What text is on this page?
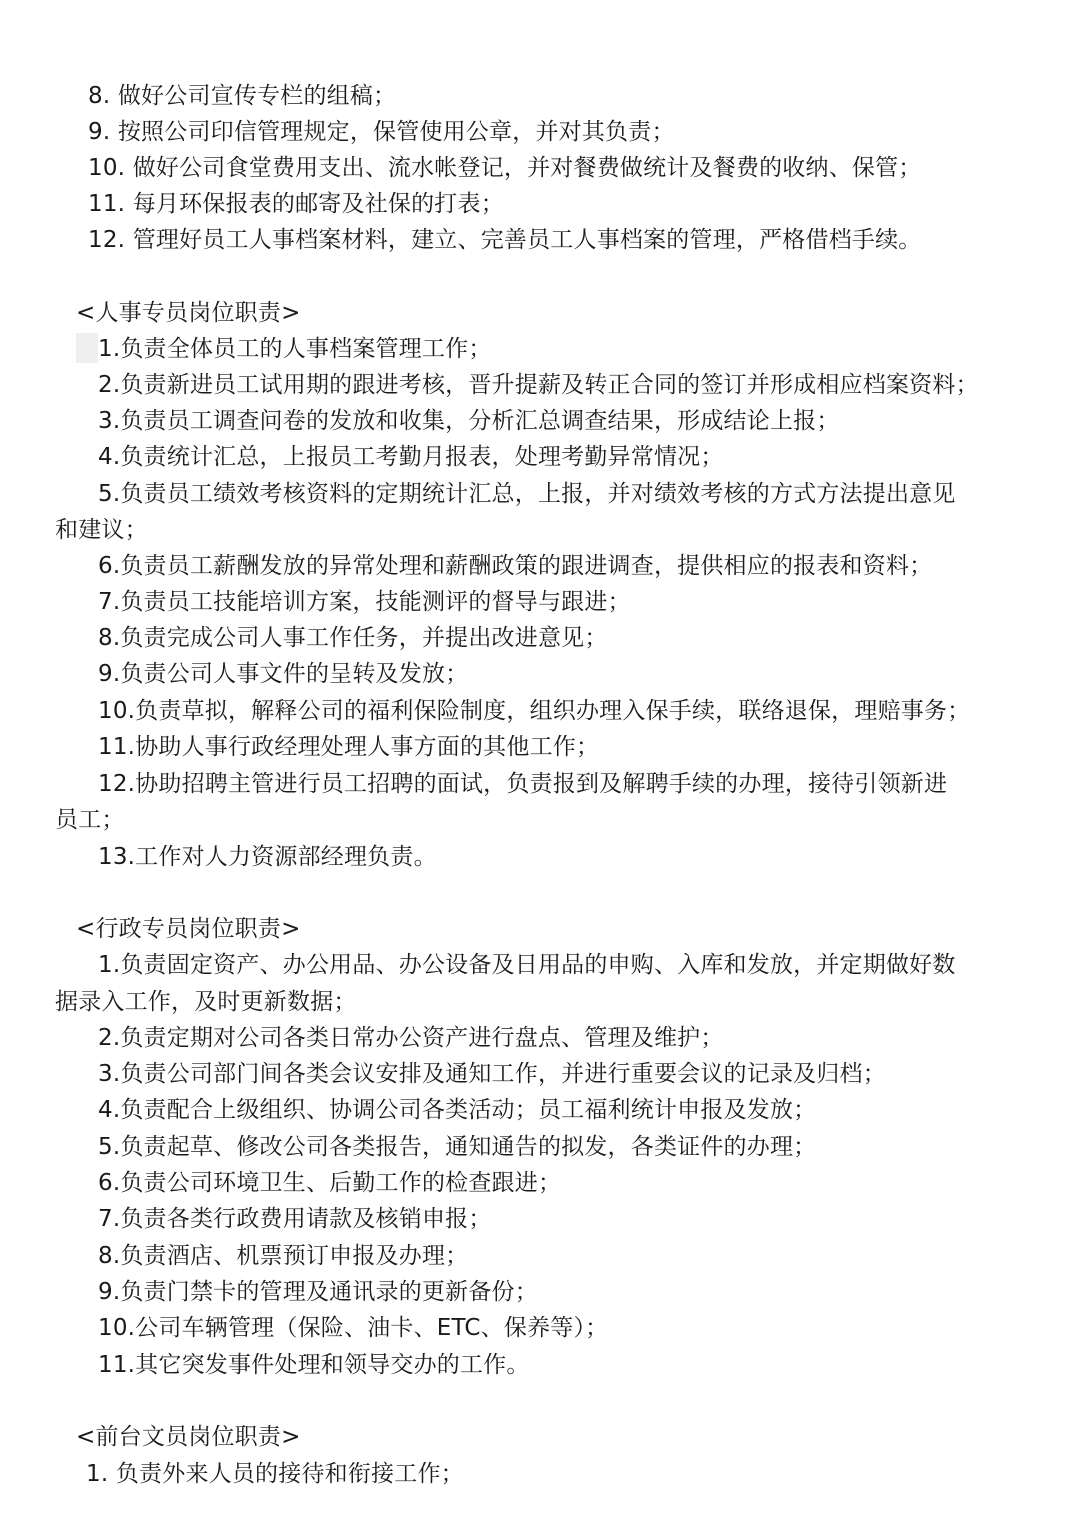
8. 做好公司宣传专栏的组稿；
9. 按照公司印信管理规定，保管使用公章，并对其负责；
10. 做好公司食堂费用支出、流水帐登记，并对餐费做统计及餐费的收纳、保管；
11. 每月环保报表的邮寄及社保的打表；
12. 管理好员工人事档案材料，建立、完善员工人事档案的管理，严格借档手续。
<人事专员岗位职责>
1.负责全体员工的人事档案管理工作；
2.负责新进员工试用期的跟进考核，晋升提薪及转正合同的签订并形成相应档案资料；
3.负责员工调查问卷的发放和收集，分析汇总调查结果，形成结论上报；
4.负责统计汇总，上报员工考勤月报表，处理考勤异常情况；
5.负责员工绩效考核资料的定期统计汇总，上报，并对绩效考核的方式方法提出意见
和建议；
6.负责员工薪酬发放的异常处理和薪酬政策的跟进调查，提供相应的报表和资料；
7.负责员工技能培训方案，技能测评的督导与跟进；
8.负责完成公司人事工作任务，并提出改进意见；
9.负责公司人事文件的呈转及发放；
10.负责草拟，解释公司的福利保险制度，组织办理入保手续，联络退保，理赔事务；
11.协助人事行政经理处理人事方面的其他工作；
12.协助招聘主管进行员工招聘的面试，负责报到及解聘手续的办理，接待引领新进
员工；
13.工作对人力资源部经理负责。
<行政专员岗位职责>
1.负责固定资产、办公用品、办公设备及日用品的申购、入库和发放，并定期做好数
据录入工作，及时更新数据；
2.负责定期对公司各类日常办公资产进行盘点、管理及维护；
3.负责公司部门间各类会议安排及通知工作，并进行重要会议的记录及归档；
4.负责配合上级组织、协调公司各类活动；员工福利统计申报及发放；
5.负责起草、修改公司各类报告，通知通告的拟发，各类证件的办理；
6.负责公司环境卫生、后勤工作的检查跟进；
7.负责各类行政费用请款及核销申报；
8.负责酒店、机票预订申报及办理；
9.负责门禁卡的管理及通讯录的更新备份；
10.公司车辆管理（保险、油卡、ETC、保养等）；
11.其它突发事件处理和领导交办的工作。
<前台文员岗位职责>
1. 负责外来人员的接待和衔接工作；
